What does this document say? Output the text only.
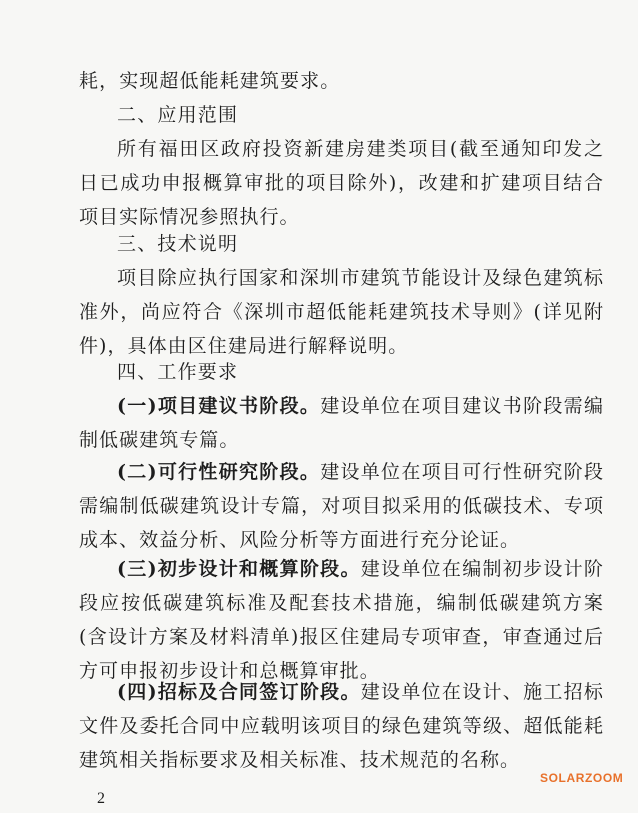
耗，实现超低能耗建筑要求。
二、应用范围
所有福田区政府投资新建房建类项目(截至通知印发之日已成功申报概算审批的项目除外)，改建和扩建项目结合项目实际情况参照执行。
三、技术说明
项目除应执行国家和深圳市建筑节能设计及绿色建筑标准外，尚应符合《深圳市超低能耗建筑技术导则》(详见附件)，具体由区住建局进行解释说明。
四、工作要求
(一)项目建议书阶段。建设单位在项目建议书阶段需编制低碳建筑专篇。
(二)可行性研究阶段。建设单位在项目可行性研究阶段需编制低碳建筑设计专篇，对项目拟采用的低碳技术、专项成本、效益分析、风险分析等方面进行充分论证。
(三)初步设计和概算阶段。建设单位在编制初步设计阶段应按低碳建筑标准及配套技术措施，编制低碳建筑方案(含设计方案及材料清单)报区住建局专项审查，审查通过后方可申报初步设计和总概算审批。
(四)招标及合同签订阶段。建设单位在设计、施工招标文件及委托合同中应载明该项目的绿色建筑等级、超低能耗建筑相关指标要求及相关标准、技术规范的名称。
2
SOLARZOOM
